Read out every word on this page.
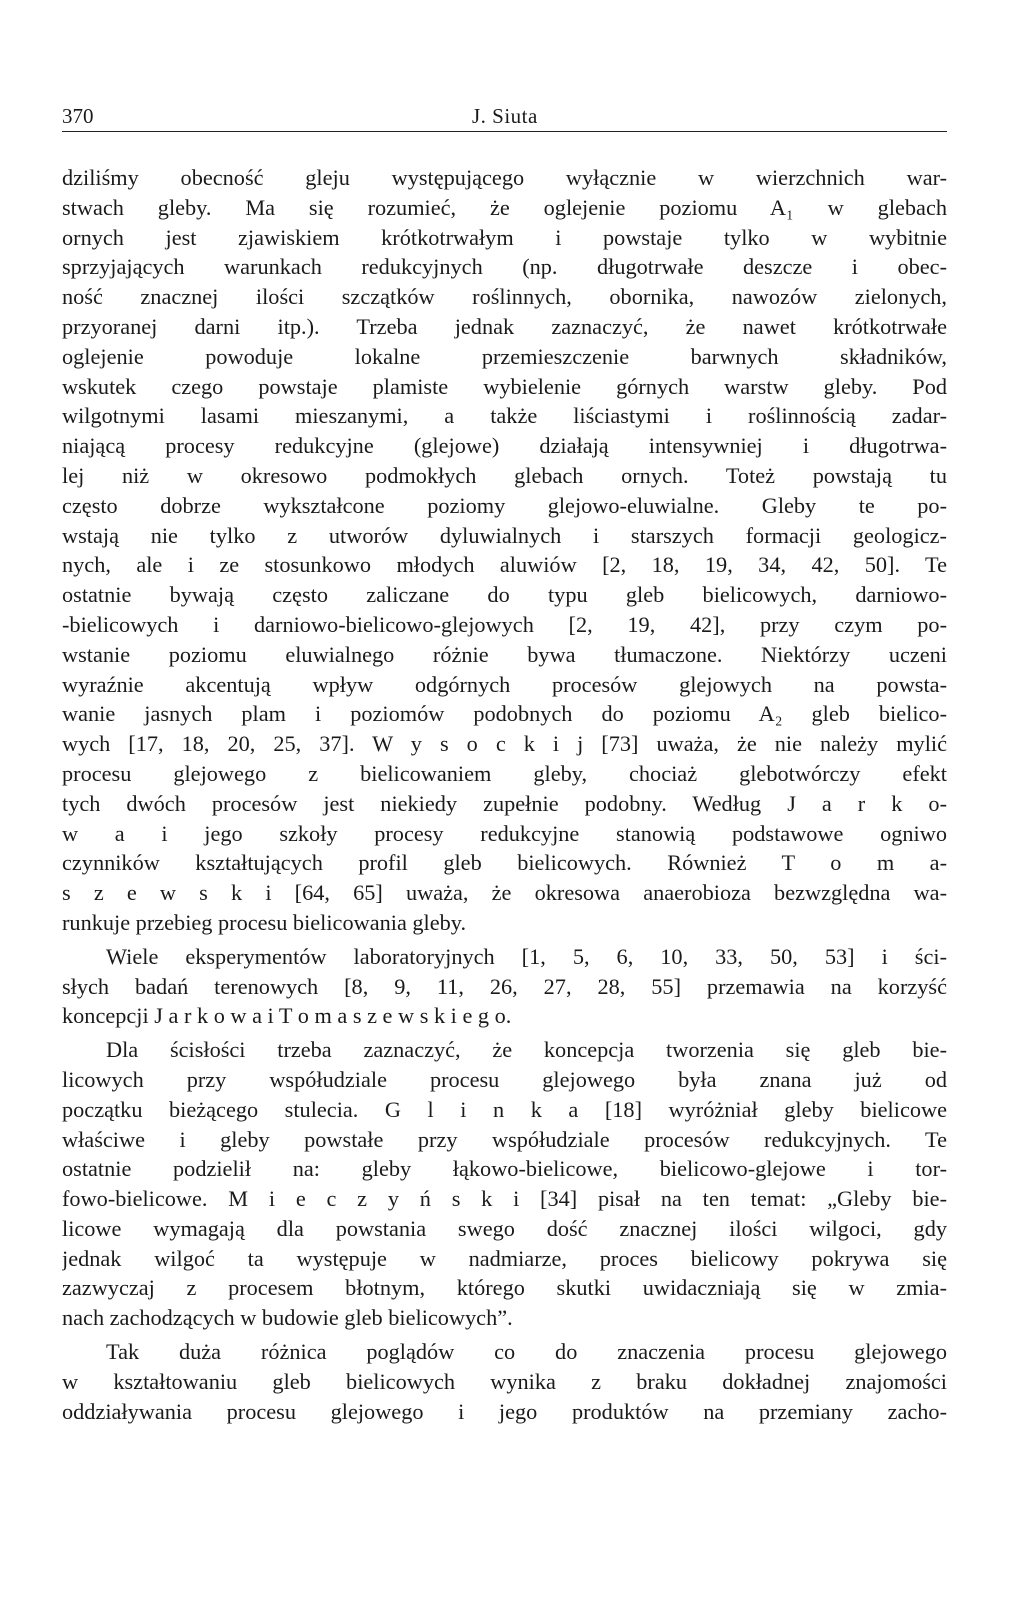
370	J. Siuta
dziliśmy obecność gleju występującego wyłącznie w wierzchnich war-
stwach gleby. Ma się rozumieć, że oglejenie poziomu A₁ w glebach
ornych jest zjawiskiem krótkotrwałym i powstaje tylko w wybitnie
sprzyjających warunkach redukcyjnych (np. długotrwałe deszcze i obec-
ność znacznej ilości szczątków roślinnych, obornika, nawozów zielonych,
przyoranej darni itp.). Trzeba jednak zaznaczyć, że nawet krótkotrwałe
oglejenie powoduje lokalne przemieszczenie barwnych składników,
wskutek czego powstaje plamiste wybielenie górnych warstw gleby. Pod
wilgotnymi lasami mieszanymi, a także liściastymi i roślinnością zadar-
niającą procesy redukcyjne (glejowe) działają intensywniej i długotrwa-
lej niż w okresowo podmokłych glebach ornych. Toteż powstają tu
często dobrze wykształcone poziomy glejowo-eluwialne. Gleby te po-
wstają nie tylko z utworów dyluwialnych i starszych formacji geologicz-
nych, ale i ze stosunkowo młodych aluwiów [2, 18, 19, 34, 42, 50]. Te
ostatnie bywają często zaliczane do typu gleb bielicowych, darniowo-
-bielicowych i darniowo-bielicowo-glejowych [2, 19, 42], przy czym po-
wstanie poziomu eluwialnego różnie bywa tłumaczone. Niektórzy uczeni
wyraźnie akcentują wpływ odgórnych procesów glejowych na powsta-
wanie jasnych plam i poziomów podobnych do poziomu A₂ gleb bielico-
wych [17, 18, 20, 25, 37]. W y s o c k i j [73] uważa, że nie należy mylić
procesu glejowego z bielicowaniem gleby, chociaż glebotwórczy efekt
tych dwóch procesów jest niekiedy zupełnie podobny. Według J a r k o-
w a i jego szkoły procesy redukcyjne stanowią podstawowe ogniwo
czynników kształtujących profil gleb bielicowych. Również T o m a-
s z e w s k i [64, 65] uważa, że okresowa anaerobioza bezwzględna wa-
runkuje przebieg procesu bielicowania gleby.
Wiele eksperymentów laboratoryjnych [1, 5, 6, 10, 33, 50, 53] i ści-
słych badań terenowych [8, 9, 11, 26, 27, 28, 55] przemawia na korzyść
koncepcji J a r k o w a i T o m a s z e w s k i e g o.
Dla ścisłości trzeba zaznaczyć, że koncepcja tworzenia się gleb bie-
licowych przy współudziale procesu glejowego była znana już od
początku bieżącego stulecia. G l i n k a [18] wyróżniał gleby bielicowe
właściwe i gleby powstałe przy współudziale procesów redukcyjnych. Te
ostatnie podzielił na: gleby łąkowo-bielicowe, bielicowo-glejowe i tor-
fowo-bielicowe. M i e c z y ń s k i [34] pisał na ten temat: „Gleby bie-
licowe wymagają dla powstania swego dość znacznej ilości wilgoci, gdy
jednak wilgoć ta występuje w nadmiarze, proces bielicowy pokrywa się
zazwyczaj z procesem błotnym, którego skutki uwidaczniają się w zmia-
nach zachodzących w budowie gleb bielicowych”.
Tak duża różnica poglądów co do znaczenia procesu glejowego
w kształtowaniu gleb bielicowych wynika z braku dokładnej znajomości
oddziaływania procesu glejowego i jego produktów na przemiany zacho-
